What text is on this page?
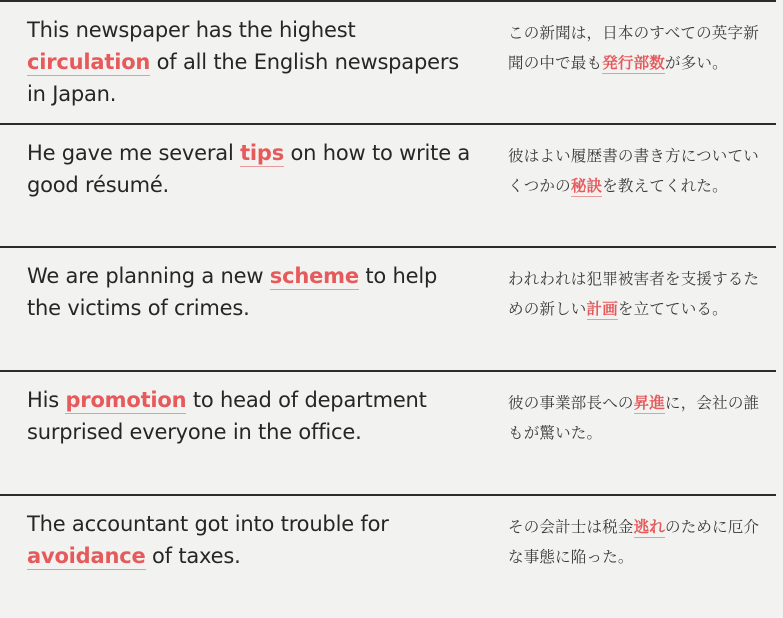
This newspaper has the highest circulation of all the English newspapers in Japan.
この新聞は，日本のすべての英字新聞の中で最も発行部数が多い。
He gave me several tips on how to write a good résumé.
彼はよい履歴書の書き方についていくつかの秘訣を教えてくれた。
We are planning a new scheme to help the victims of crimes.
われわれは犯罪被害者を支援するための新しい計画を立てている。
His promotion to head of department surprised everyone in the office.
彼の事業部長への昇進に，会社の誰もが驚いた。
The accountant got into trouble for avoidance of taxes.
その会計士は税金逃れのために厄介な事態に陥った。
